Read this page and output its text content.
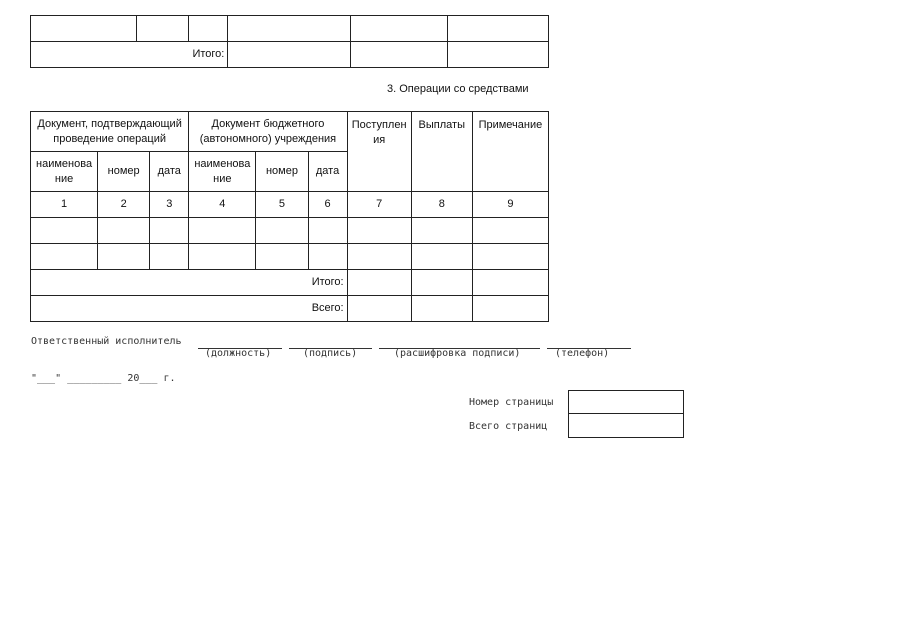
Итого:					
3. Операции со средствами
Документ, подтверждающий проведение операций			Документ бюджетного (автономного) учреждения			Поступления	Выплаты	Примечание
наименование	номер	дата	наименование	номер	дата			
1	2	3	4	5	6	7	8	9

Итого:								
Всего:								
Ответственный исполнитель
(должность)	(подпись)	(расшифровка подписи)	(телефон)
"___" _________ 20___ г.
Номер страницы
Всего страниц
